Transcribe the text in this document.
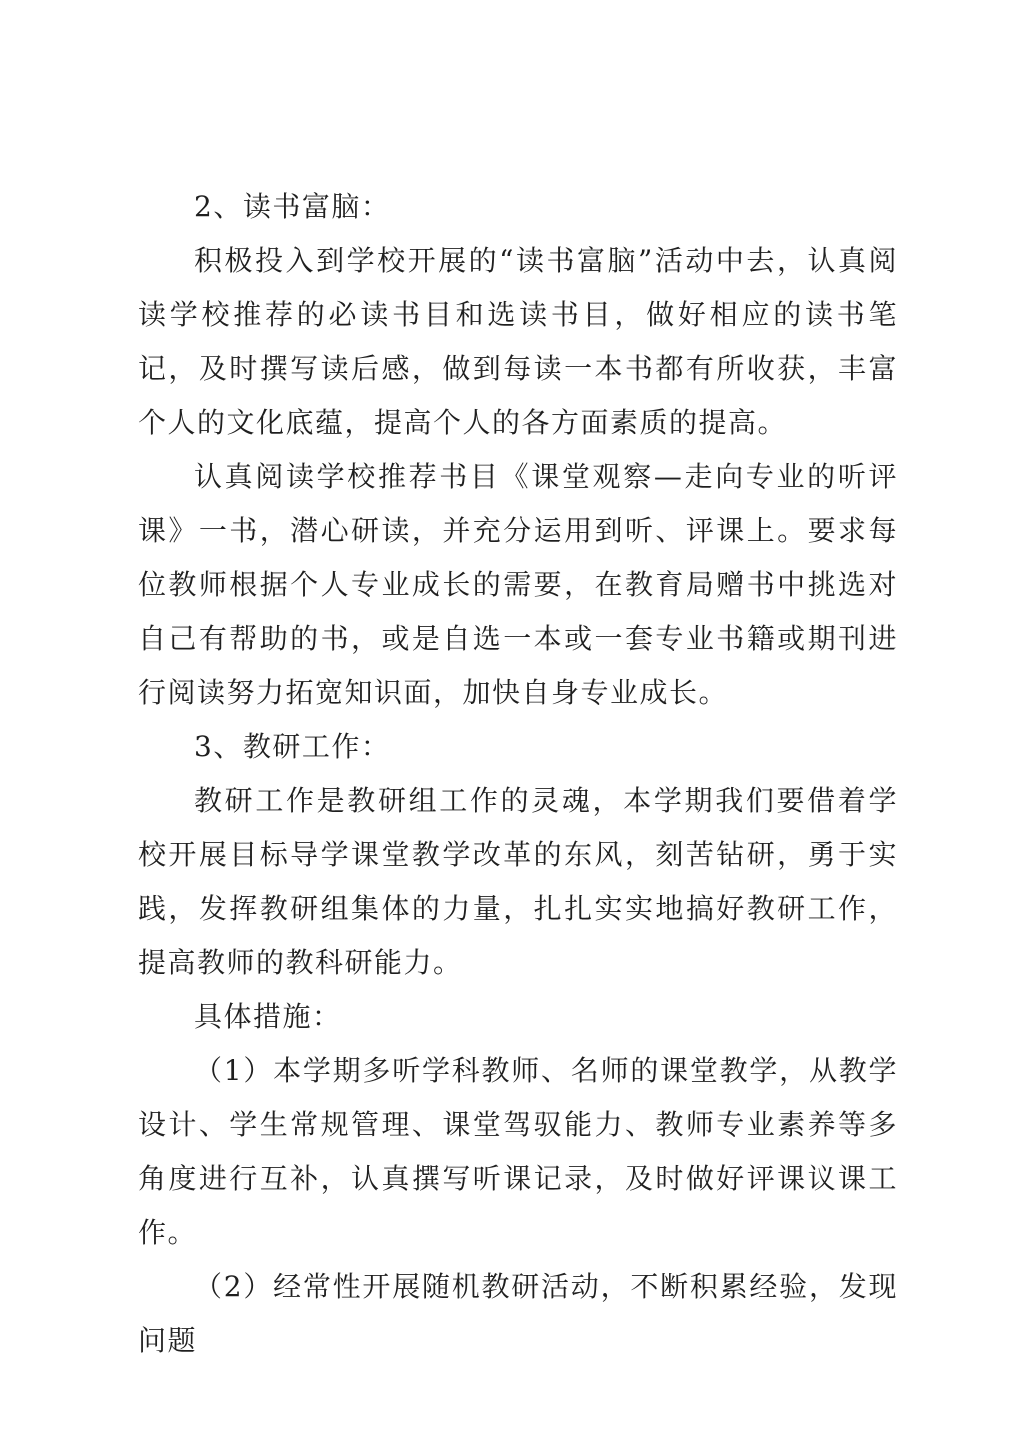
2、读书富脑：

积极投入到学校开展的“读书富脑”活动中去，认真阅读学校推荐的必读书目和选读书目，做好相应的读书笔记，及时撰写读后感，做到每读一本书都有所收获，丰富个人的文化底蕴，提高个人的各方面素质的提高。

认真阅读学校推荐书目《课堂观察—走向专业的听评课》一书，潜心研读，并充分运用到听、评课上。要求每位教师根据个人专业成长的需要，在教育局赠书中挑选对自己有帮助的书，或是自选一本或一套专业书籍或期刊进行阅读努力拓宽知识面，加快自身专业成长。

3、教研工作：

教研工作是教研组工作的灵魂，本学期我们要借着学校开展目标导学课堂教学改革的东风，刻苦钻研，勇于实践，发挥教研组集体的力量，扎扎实实地搞好教研工作，提高教师的教科研能力。

具体措施：

（1）本学期多听学科教师、名师的课堂教学，从教学设计、学生常规管理、课堂驾驭能力、教师专业素养等多角度进行互补，认真撰写听课记录，及时做好评课议课工作。

（2）经常性开展随机教研活动，不断积累经验，发现问题
